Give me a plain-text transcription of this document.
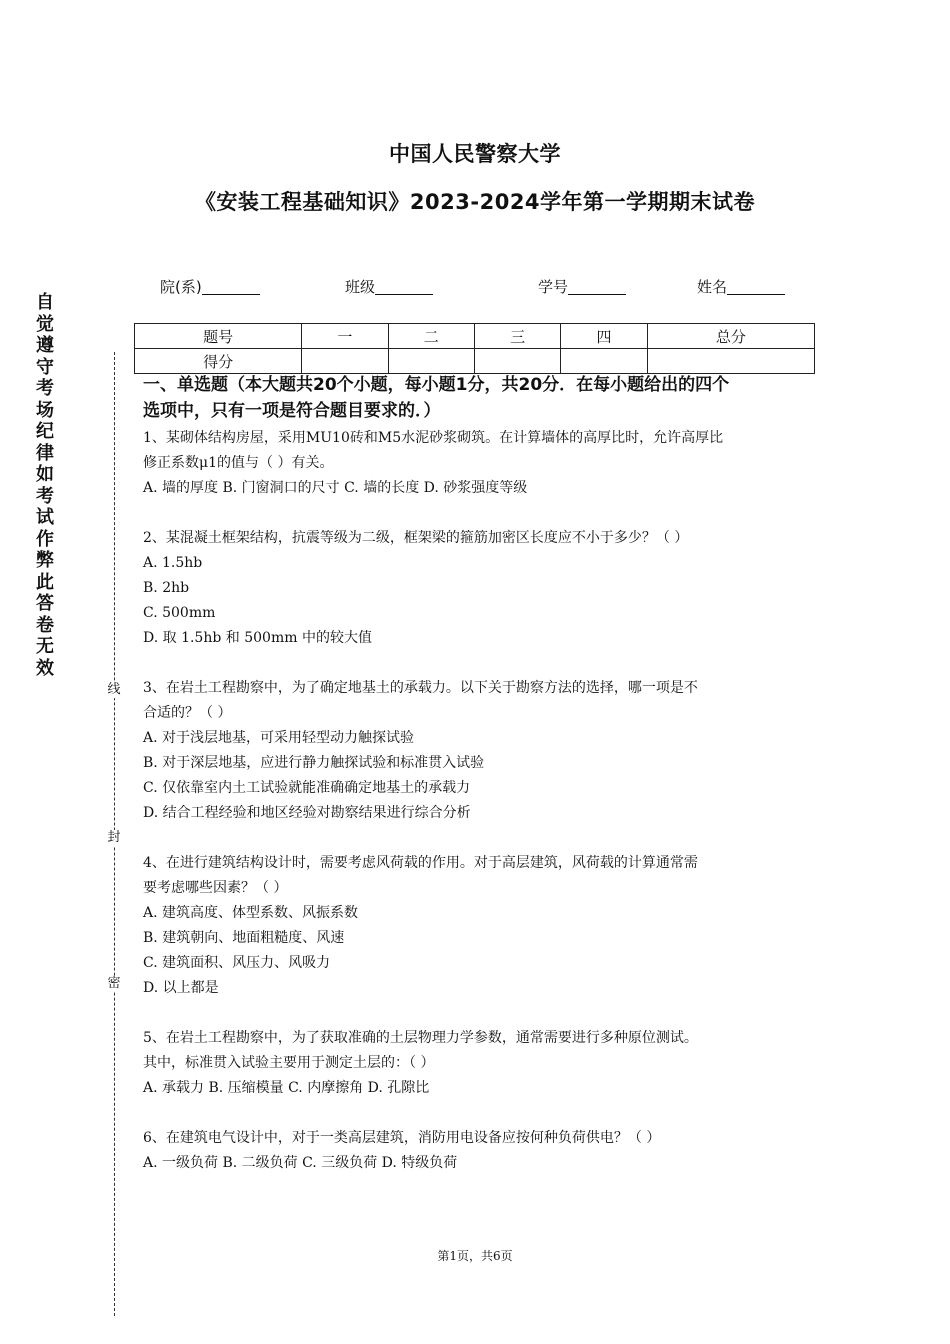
中国人民警察大学
《安装工程基础知识》2023-2024学年第一学期期末试卷
院(系)	班级	学号	姓名
题号	一	二	三	四	总分
得分					
自觉遵守考场纪律如考试作弊此答卷无效
线
封
密
一、单选题（本大题共20个小题，每小题1分，共20分．在每小题给出的四个
选项中，只有一项是符合题目要求的．）
1、某砌体结构房屋，采用MU10砖和M5水泥砂浆砌筑。在计算墙体的高厚比时，允许高厚比
修正系数μ1的值与（ ）有关。
A. 墙的厚度 B. 门窗洞口的尺寸 C. 墙的长度 D. 砂浆强度等级
2、某混凝土框架结构，抗震等级为二级，框架梁的箍筋加密区长度应不小于多少？（ ）
A. 1.5hb
B. 2hb
C. 500mm
D. 取 1.5hb 和 500mm 中的较大值
3、在岩土工程勘察中，为了确定地基土的承载力。以下关于勘察方法的选择，哪一项是不
合适的？（ ）
A. 对于浅层地基，可采用轻型动力触探试验
B. 对于深层地基，应进行静力触探试验和标准贯入试验
C. 仅依靠室内土工试验就能准确确定地基土的承载力
D. 结合工程经验和地区经验对勘察结果进行综合分析
4、在进行建筑结构设计时，需要考虑风荷载的作用。对于高层建筑，风荷载的计算通常需
要考虑哪些因素？（ ）
A. 建筑高度、体型系数、风振系数
B. 建筑朝向、地面粗糙度、风速
C. 建筑面积、风压力、风吸力
D. 以上都是
5、在岩土工程勘察中，为了获取准确的土层物理力学参数，通常需要进行多种原位测试。
其中，标准贯入试验主要用于测定土层的：（ ）
A. 承载力 B. 压缩模量 C. 内摩擦角 D. 孔隙比
6、在建筑电气设计中，对于一类高层建筑，消防用电设备应按何种负荷供电？（ ）
A. 一级负荷 B. 二级负荷 C. 三级负荷 D. 特级负荷
第1页，共6页
